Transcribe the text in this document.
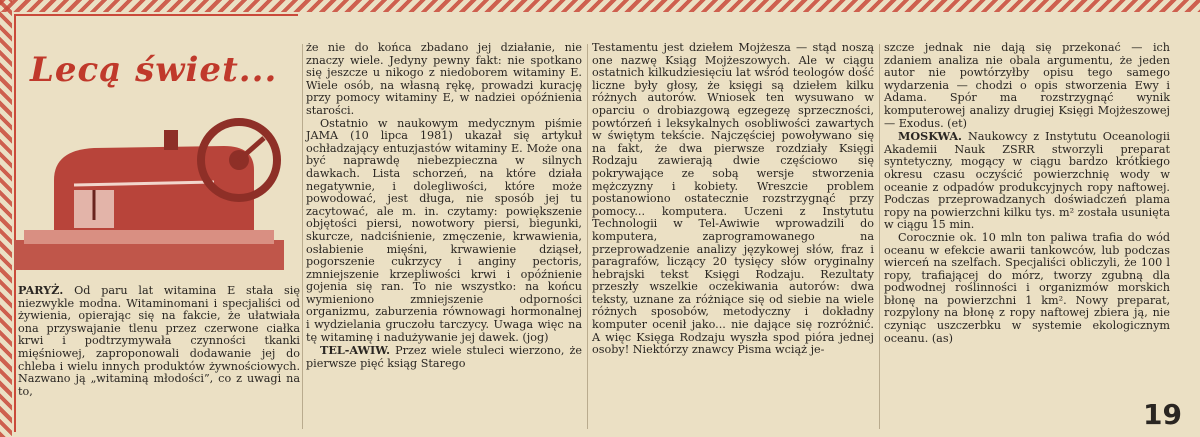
Lecą świet...

PARYŻ. Od paru lat witamina E stała się niezwykle modna. Witaminomani i specjaliści od żywienia, opierając się na fakcie, że ułatwiała ona przyswajanie tlenu przez czerwone ciałka krwi i podtrzymywała czynności tkanki mięśniowej, zaproponowali dodawanie jej do chleba i wielu innych produktów żywnościowych. Nazwano ją „witaminą młodości”, co z uwagi na to,

że nie do końca zbadano jej działanie, nie znaczy wiele. Jedyny pewny fakt: nie spotkano się jeszcze u nikogo z niedoborem witaminy E. Wiele osób, na własną rękę, prowadzi kurację przy pomocy witaminy E, w nadziei opóźnienia starości.

Ostatnio w naukowym medycznym piśmie JAMA (10 lipca 1981) ukazał się artykuł ochładzający entuzjastów witaminy E. Może ona być naprawdę niebezpieczna w silnych dawkach. Lista schorzeń, na które działa negatywnie, i dolegliwości, które może powodować, jest długa, nie sposób jej tu zacytować, ale m. in. czytamy: powiększenie objętości piersi, nowotwory piersi, biegunki, skurcze, nadciśnienie, zmęczenie, krwawienia, osłabienie mięśni, krwawienie dziąseł, pogorszenie cukrzycy i anginy pectoris, zmniejszenie krzepliwości krwi i opóźnienie gojenia się ran. To nie wszystko: na końcu wymieniono zmniejszenie odporności organizmu, zaburzenia równowagi hormonalnej i wydzielania gruczołu tarczycy. Uwaga więc na tę witaminę i nadużywanie jej dawek. (jog)

TEL-AWIW. Przez wiele stuleci wierzono, że pierwsze pięć ksiąg Starego

Testamentu jest dziełem Mojżesza — stąd noszą one nazwę Ksiąg Mojżeszowych. Ale w ciągu ostatnich kilkudziesięciu lat wśród teologów dość liczne były głosy, że księgi są dziełem kilku różnych autorów. Wniosek ten wysuwano w oparciu o drobiazgową egzegezę sprzeczności, powtórzeń i leksykalnych osobliwości zawartych w świętym tekście. Najczęściej powoływano się na fakt, że dwa pierwsze rozdziały Księgi Rodzaju zawierają dwie częściowo się pokrywające ze sobą wersje stworzenia mężczyzny i kobiety. Wreszcie problem postanowiono ostatecznie rozstrzygnąć przy pomocy... komputera. Uczeni z Instytutu Technologii w Tel-Awiwie wprowadzili do komputera, zaprogramowanego na przeprowadzenie analizy językowej słów, fraz i paragrafów, liczący 20 tysięcy słów oryginalny hebrajski tekst Księgi Rodzaju. Rezultaty przeszły wszelkie oczekiwania autorów: dwa teksty, uznane za różniące się od siebie na wiele różnych sposobów, metodyczny i dokładny komputer ocenił jako... nie dające się rozróżnić. A więc Księga Rodzaju wyszła spod pióra jednej osoby! Niektórzy znawcy Pisma wciąż je-

szcze jednak nie dają się przekonać — ich zdaniem analiza nie obala argumentu, że jeden autor nie powtórzyłby opisu tego samego wydarzenia — chodzi o opis stworzenia Ewy i Adama. Spór ma rozstrzygnąć wynik komputerowej analizy drugiej Księgi Mojżeszowej — Exodus. (et)

MOSKWA. Naukowcy z Instytutu Oceanologii Akademii Nauk ZSRR stworzyli preparat syntetyczny, mogący w ciągu bardzo krótkiego okresu czasu oczyścić powierzchnię wody w oceanie z odpadów produkcyjnych ropy naftowej. Podczas przeprowadzanych doświadczeń plama ropy na powierzchni kilku tys. m² została usunięta w ciągu 15 min.

Corocznie ok. 10 mln ton paliwa trafia do wód oceanu w efekcie awarii tankowców, lub podczas wierceń na szelfach. Specjaliści obliczyli, że 100 l ropy, trafiającej do mórz, tworzy zgubną dla podwodnej roślinności i organizmów morskich błonę na powierzchni 1 km². Nowy preparat, rozpylony na błonę z ropy naftowej zbiera ją, nie czyniąc uszczerbku w systemie ekologicznym oceanu. (as)

19
